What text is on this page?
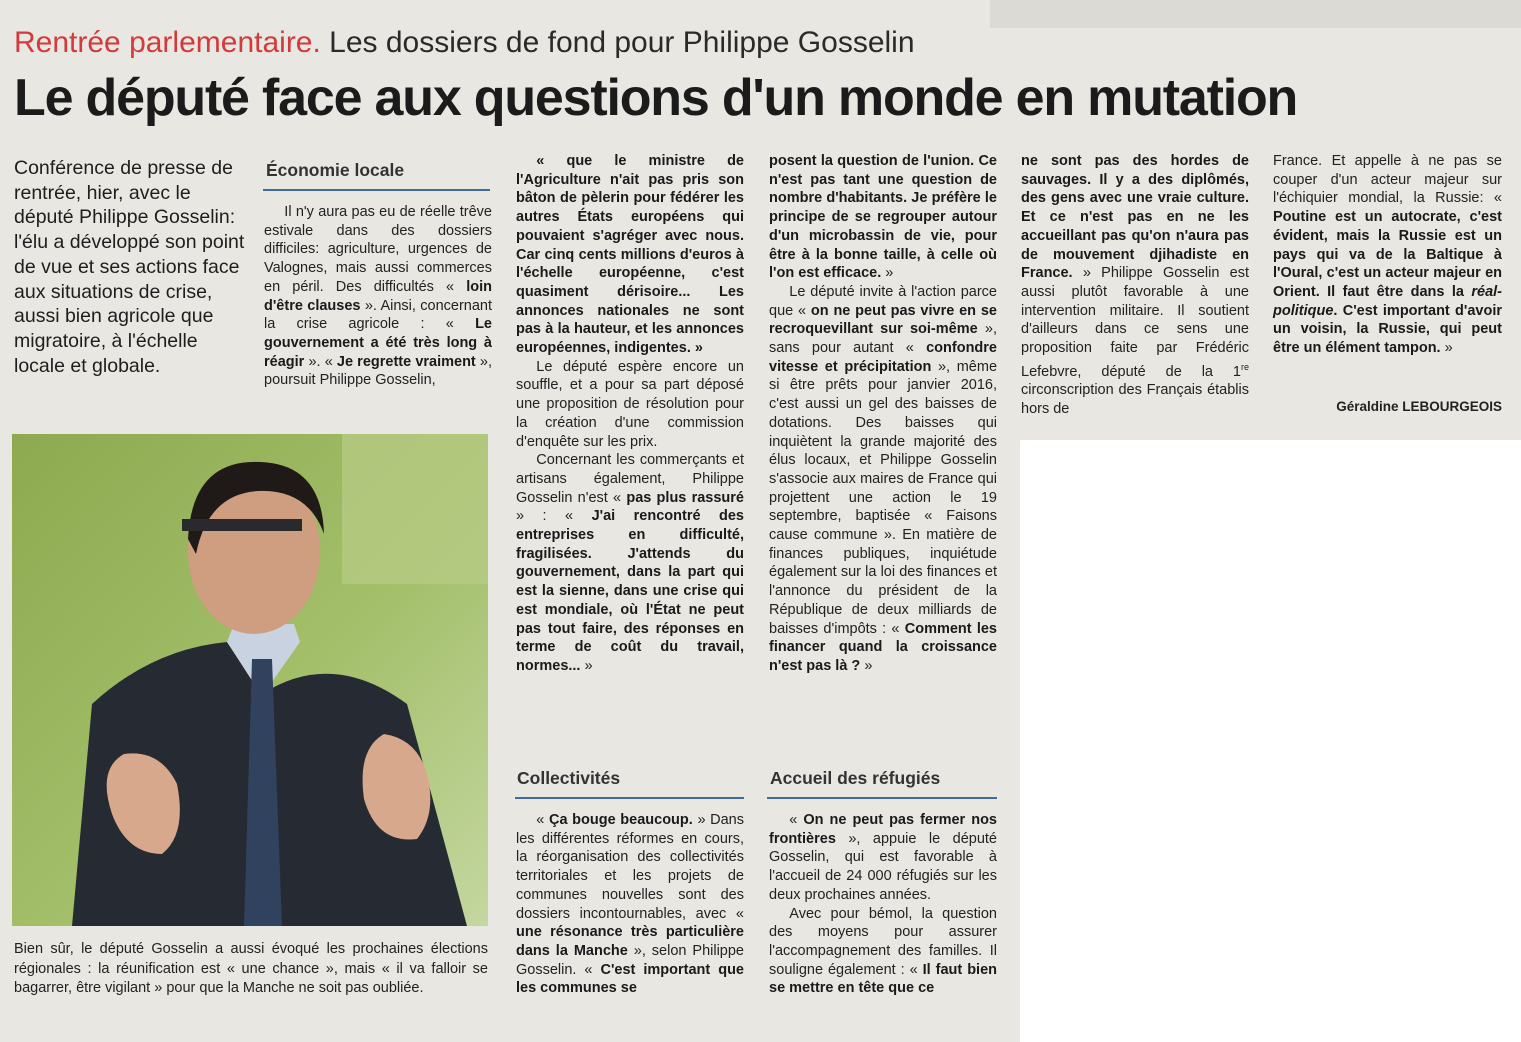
Rentrée parlementaire. Les dossiers de fond pour Philippe Gosselin
Le député face aux questions d'un monde en mutation
Conférence de presse de rentrée, hier, avec le député Philippe Gosselin: l'élu a développé son point de vue et ses actions face aux situations de crise, aussi bien agricole que migratoire, à l'échelle locale et globale.
Bien sûr, le député Gosselin a aussi évoqué les prochaines élections régionales : la réunification est « une chance », mais « il va falloir se bagarrer, être vigilant » pour que la Manche ne soit pas oubliée.
Économie locale

Il n'y aura pas eu de réelle trêve estivale dans des dossiers difficiles: agriculture, urgences de Valognes, mais aussi commerces en péril. Des difficultés « loin d'être clauses ». Ainsi, concernant la crise agricole : « Le gouvernement a été très long à réagir ». « Je regrette vraiment », poursuit Philippe Gosselin,

« que le ministre de l'Agriculture n'ait pas pris son bâton de pèlerin pour fédérer les autres États européens qui pouvaient s'agréger avec nous. Car cinq cents millions d'euros à l'échelle européenne, c'est quasiment dérisoire... Les annonces nationales ne sont pas à la hauteur, et les annonces européennes, indigentes. »

Le député espère encore un souffle, et a pour sa part déposé une proposition de résolution pour la création d'une commission d'enquête sur les prix.

Concernant les commerçants et artisans également, Philippe Gosselin n'est « pas plus rassuré » : « J'ai rencontré des entreprises en difficulté, fragilisées. J'attends du gouvernement, dans la part qui est la sienne, dans une crise qui est mondiale, où l'État ne peut pas tout faire, des réponses en terme de coût du travail, normes... »

Collectivités

« Ça bouge beaucoup. » Dans les différentes réformes en cours, la réorganisation des collectivités territoriales et les projets de communes nouvelles sont des dossiers incontournables, avec « une résonance très particulière dans la Manche », selon Philippe Gosselin. « C'est important que les communes se

posent la question de l'union. Ce n'est pas tant une question de nombre d'habitants. Je préfère le principe de se regrouper autour d'un microbassin de vie, pour être à la bonne taille, à celle où l'on est efficace. »

Le député invite à l'action parce que « on ne peut pas vivre en se recroquevillant sur soi-même », sans pour autant « confondre vitesse et précipitation », même si être prêts pour janvier 2016, c'est aussi un gel des baisses de dotations. Des baisses qui inquiètent la grande majorité des élus locaux, et Philippe Gosselin s'associe aux maires de France qui projettent une action le 19 septembre, baptisée « Faisons cause commune ». En matière de finances publiques, inquiétude également sur la loi des finances et l'annonce du président de la République de deux milliards de baisses d'impôts : « Comment les financer quand la croissance n'est pas là ? »

Accueil des réfugiés

« On ne peut pas fermer nos frontières », appuie le député Gosselin, qui est favorable à l'accueil de 24 000 réfugiés sur les deux prochaines années.

Avec pour bémol, la question des moyens pour assurer l'accompagnement des familles. Il souligne également : « Il faut bien se mettre en tête que ce

ne sont pas des hordes de sauvages. Il y a des diplômés, des gens avec une vraie culture. Et ce n'est pas en ne les accueillant pas qu'on n'aura pas de mouvement djihadiste en France. » Philippe Gosselin est aussi plutôt favorable à une intervention militaire. Il soutient d'ailleurs dans ce sens une proposition faite par Frédéric Lefebvre, député de la 1re circonscription des Français établis hors de

France. Et appelle à ne pas se couper d'un acteur majeur sur l'échiquier mondial, la Russie: « Poutine est un autocrate, c'est évident, mais la Russie est un pays qui va de la Baltique à l'Oural, c'est un acteur majeur en Orient. Il faut être dans la réal-politique. C'est important d'avoir un voisin, la Russie, qui peut être un élément tampon. »

Géraldine LEBOURGEOIS
